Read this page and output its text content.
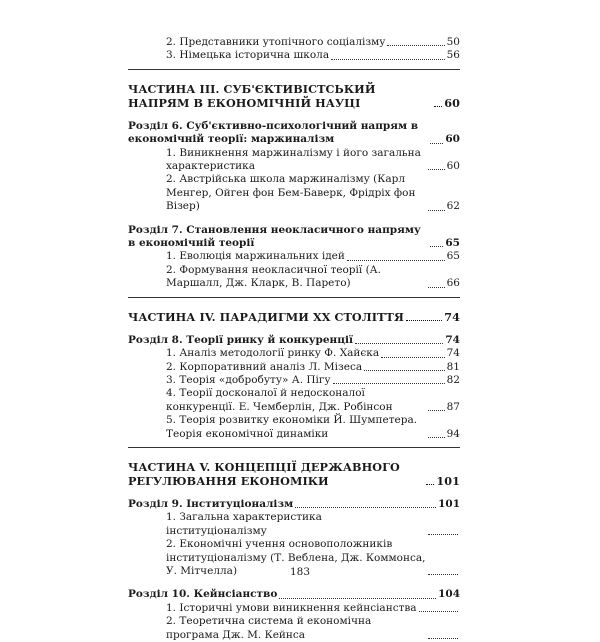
2. Представники утопічного соціалізму	50
3. Німецька історична школа	56
ЧАСТИНА ІІІ. СУБ'ЄКТИВІСТСЬКИЙ НАПРЯМ В ЕКОНОМІЧНІЙ НАУЦІ	60
Розділ 6. Суб'єктивно-психологічний напрям в економічній теорії: маржиналізм	60
1. Виникнення маржиналізму і його загальна характеристика	60
2. Австрійська школа маржиналізму (Карл Менгер, Ойген фон Бем-Баверк, Фрідріх фон Візер)	62
Розділ 7. Становлення неокласичного напряму в економічній теорії	65
1. Еволюція маржинальних ідей	65
2. Формування неокласичної теорії (А. Маршалл, Дж. Кларк, В. Парето)	66
ЧАСТИНА IV. ПАРАДИГМИ ХХ СТОЛІТТЯ	74
Розділ 8. Теорії ринку й конкуренції	74
1. Аналіз методології ринку Ф. Хайєка	74
2. Корпоративний аналіз Л. Мізеса	81
3. Теорія «добробуту» А. Пігу	82
4. Теорії досконалої й недосконалої конкуренції. Е. Чемберлін, Дж. Робінсон	87
5. Теорія розвитку економіки Й. Шумпетера. Теорія економічної динаміки	94
ЧАСТИНА V. КОНЦЕПЦІЇ ДЕРЖАВНОГО РЕГУЛЮВАННЯ ЕКОНОМІКИ	101
Розділ 9. Інституціоналізм	101
1. Загальна характеристика інституціоналізму
2. Економічні учення основоположників інституціоналізму (Т. Веблена, Дж. Коммонса, У. Мітчелла)
Розділ 10. Кейнсіанство	104
1. Історичні умови виникнення кейнсіанства
2. Теоретична система й економічна програма Дж. М. Кейнса
183
